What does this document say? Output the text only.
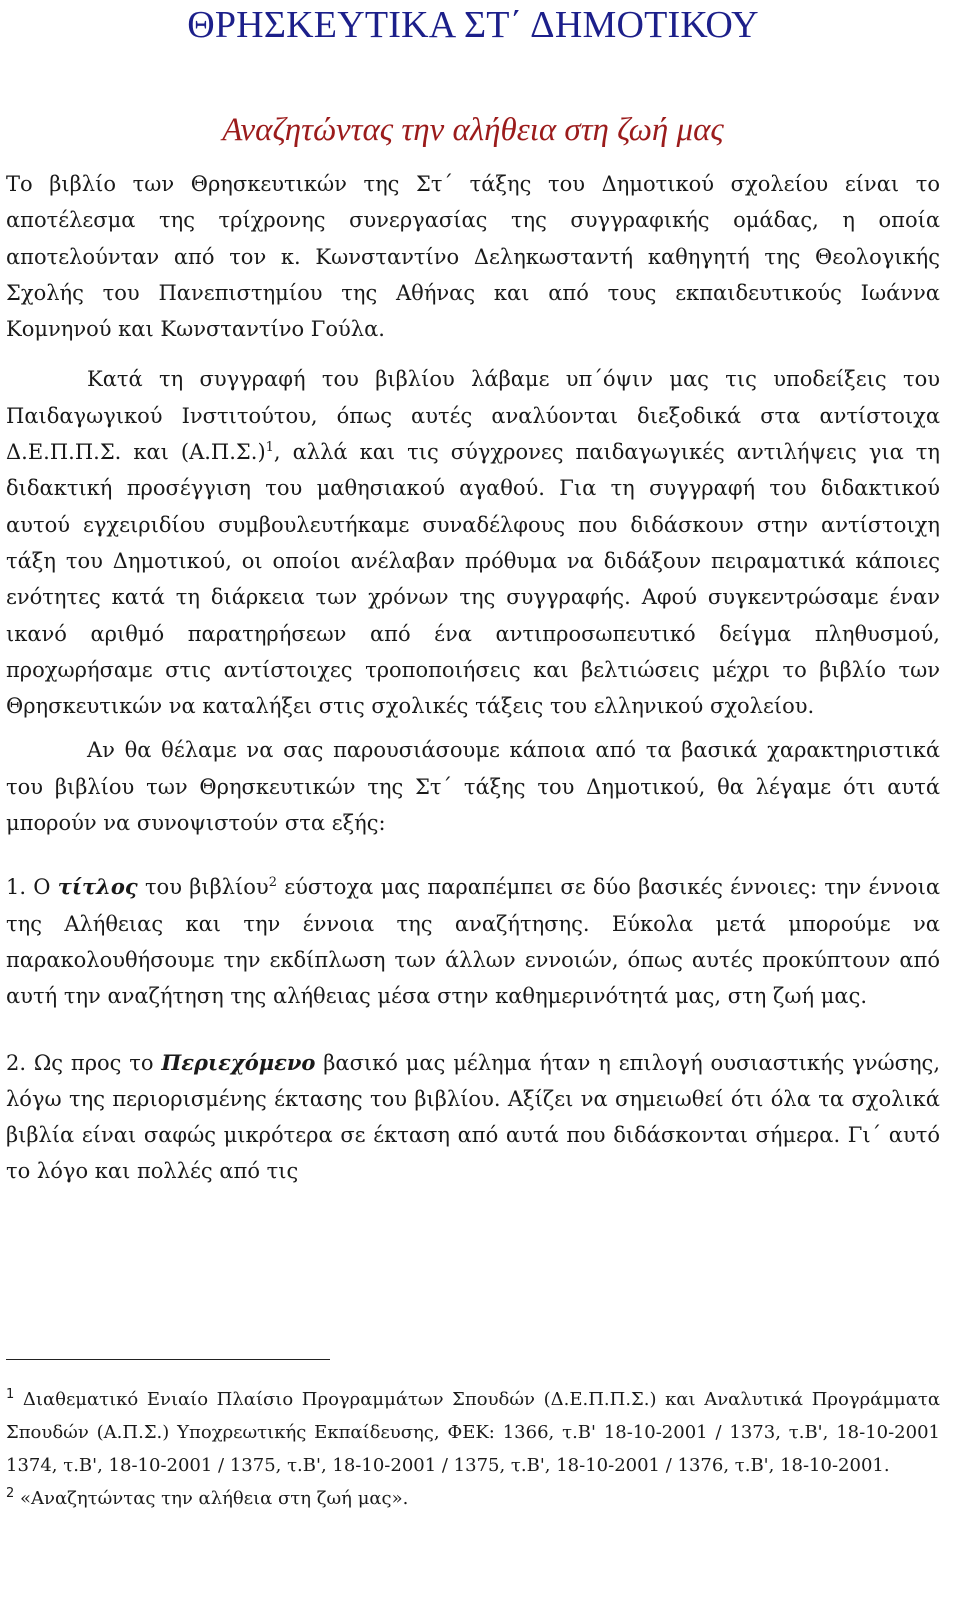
ΘΡΗΣΚΕΥΤΙΚΑ ΣΤ΄ ΔΗΜΟΤΙΚΟΥ
Αναζητώντας την αλήθεια στη ζωή μας

Το βιβλίο των Θρησκευτικών της Στ΄ τάξης του Δημοτικού σχολείου είναι το αποτέλεσμα της τρίχρονης συνεργασίας της συγγραφικής ομάδας, η οποία αποτελούνταν από τον κ. Κωνσταντίνο Δεληκωσταντή καθηγητή της Θεολογικής Σχολής του Πανεπιστημίου της Αθήνας και από τους εκπαιδευτικούς Ιωάννα Κομνηνού και Κωνσταντίνο Γούλα.

Κατά τη συγγραφή του βιβλίου λάβαμε υπ΄όψιν μας τις υποδείξεις του Παιδαγωγικού Ινστιτούτου, όπως αυτές αναλύονται διεξοδικά στα αντίστοιχα Δ.Ε.Π.Π.Σ. και $(A.\Pi.\Sigma.)^1$, αλλά και τις σύγχρονες παιδαγωγικές αντιλήψεις για τη διδακτική προσέγγιση του μαθησιακού αγαθού. Για τη συγγραφή του διδακτικού αυτού εγχειριδίου συμβουλευτήκαμε συναδέλφους που διδάσκουν στην αντίστοιχη τάξη του Δημοτικού, οι οποίοι ανέλαβαν πρόθυμα να διδάξουν πειραματικά κάποιες ενότητες κατά τη διάρκεια των χρόνων της συγγραφής. Αφού συγκεντρώσαμε έναν ικανό αριθμό παρατηρήσεων από ένα αντιπροσωπευτικό δείγμα πληθυσμού, προχωρήσαμε στις αντίστοιχες τροποποιήσεις και βελτιώσεις μέχρι το βιβλίο των Θρησκευτικών να καταλήξει στις σχολικές τάξεις του ελληνικού σχολείου.

Αν θα θέλαμε να σας παρουσιάσουμε κάποια από τα βασικά χαρακτηριστικά του βιβλίου των Θρησκευτικών της Στ΄ τάξης του Δημοτικού, θα λέγαμε ότι αυτά μπορούν να συνοψιστούν στα εξής:

1. Ο τίτλος του βιβλίου$^2$ εύστοχα μας παραπέμπει σε δύο βασικές έννοιες: την έννοια της Αλήθειας και την έννοια της αναζήτησης. Εύκολα μετά μπορούμε να παρακολουθήσουμε την εκδίπλωση των άλλων εννοιών, όπως αυτές προκύπτουν από αυτή την αναζήτηση της αλήθειας μέσα στην καθημερινότητά μας, στη ζωή μας.

2. Ως προς το Περιεχόμενο βασικό μας μέλημα ήταν η επιλογή ουσιαστικής γνώσης, λόγω της περιορισμένης έκτασης του βιβλίου. Αξίζει να σημειωθεί ότι όλα τα σχολικά βιβλία είναι σαφώς μικρότερα σε έκταση από αυτά που διδάσκονται σήμερα. Γι΄ αυτό το λόγο και πολλές από τις

$^1$ Διαθεματικό Ενιαίο Πλαίσιο Προγραμμάτων Σπουδών (Δ.Ε.Π.Π.Σ.) και Αναλυτικά Προγράμματα Σπουδών (Α.Π.Σ.) Υποχρεωτικής Εκπαίδευσης, ΦΕΚ: 1366, τ.Β' 18-10-2001 / 1373, τ.Β', 18-10-2001 1374, τ.Β', 18-10-2001 / 1375, τ.Β', 18-10-2001 / 1375, τ.Β', 18-10-2001 / 1376, τ.Β', 18-10-2001.

$^2$ «Αναζητώντας την αλήθεια στη ζωή μας».
